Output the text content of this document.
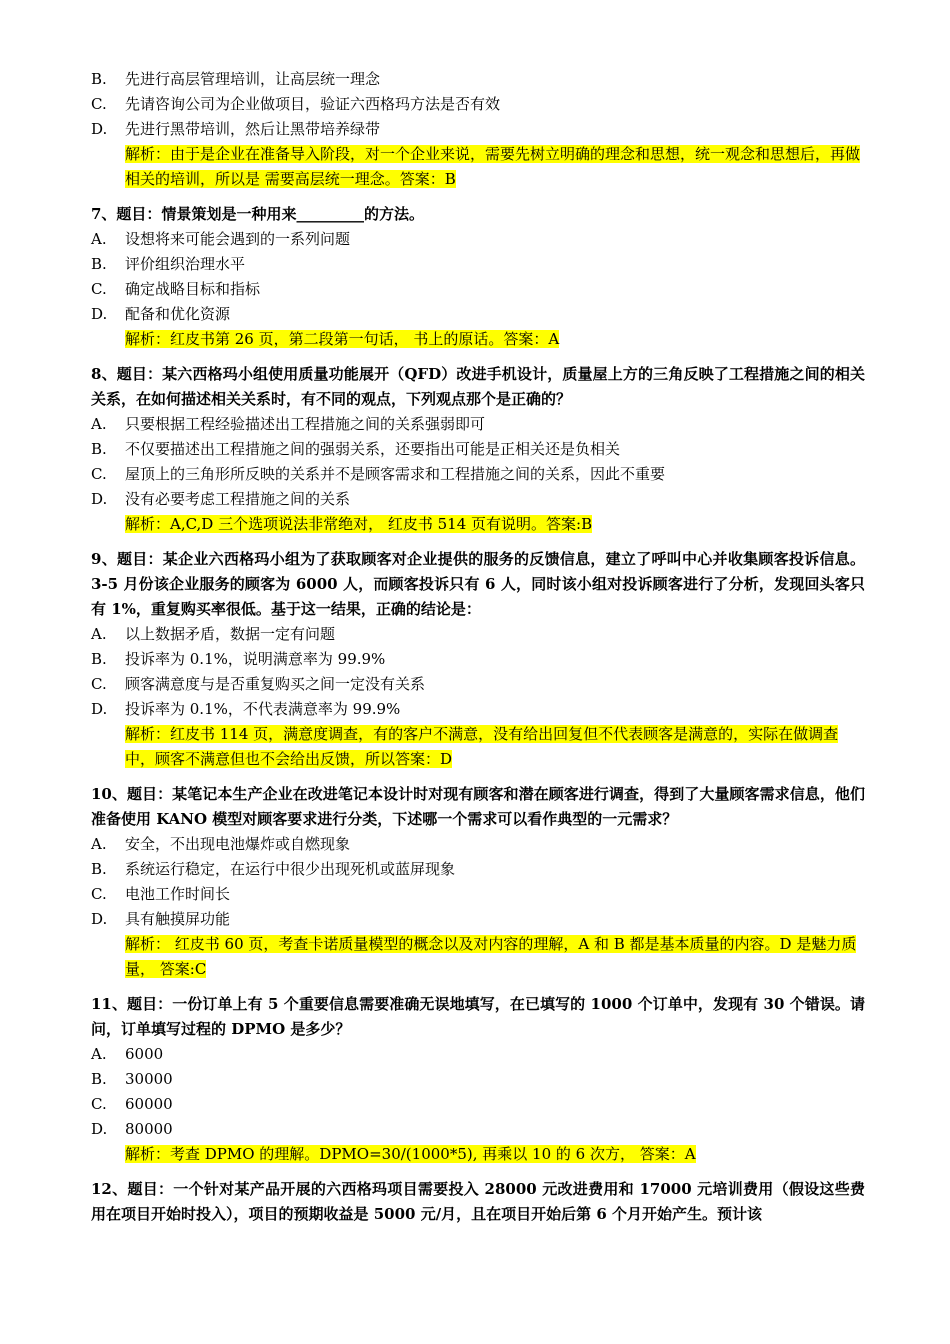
B. 先进行高层管理培训，让高层统一理念
C. 先请咨询公司为企业做项目，验证六西格玛方法是否有效
D. 先进行黑带培训，然后让黑带培养绿带
解析：由于是企业在准备导入阶段，对一个企业来说，需要先树立明确的理念和思想，统一观念和思想后，再做相关的培训，所以是 需要高层统一理念。答案：B
7、题目：情景策划是一种用来_________的方法。
A. 设想将来可能会遇到的一系列问题
B. 评价组织治理水平
C. 确定战略目标和指标
D. 配备和优化资源
解析：红皮书第 26 页，第二段第一句话， 书上的原话。答案：A
8、题目：某六西格玛小组使用质量功能展开（QFD）改进手机设计，质量屋上方的三角反映了工程措施之间的相关关系，在如何描述相关关系时，有不同的观点，下列观点那个是正确的？
A. 只要根据工程经验描述出工程措施之间的关系强弱即可
B. 不仅要描述出工程措施之间的强弱关系，还要指出可能是正相关还是负相关
C. 屋顶上的三角形所反映的关系并不是顾客需求和工程措施之间的关系，因此不重要
D. 没有必要考虑工程措施之间的关系
解析：A,C,D 三个选项说法非常绝对， 红皮书 514 页有说明。答案:B
9、题目：某企业六西格玛小组为了获取顾客对企业提供的服务的反馈信息，建立了呼叫中心并收集顾客投诉信息。3-5 月份该企业服务的顾客为 6000 人，而顾客投诉只有 6 人，同时该小组对投诉顾客进行了分析，发现回头客只有 1%，重复购买率很低。基于这一结果，正确的结论是：
A. 以上数据矛盾，数据一定有问题
B. 投诉率为 0.1%，说明满意率为 99.9%
C. 顾客满意度与是否重复购买之间一定没有关系
D. 投诉率为 0.1%，不代表满意率为 99.9%
解析：红皮书 114 页，满意度调查，有的客户不满意，没有给出回复但不代表顾客是满意的，实际在做调查中，顾客不满意但也不会给出反馈，所以答案：D
10、题目：某笔记本生产企业在改进笔记本设计时对现有顾客和潜在顾客进行调查，得到了大量顾客需求信息，他们准备使用 KANO 模型对顾客要求进行分类，下述哪一个需求可以看作典型的一元需求？
A. 安全，不出现电池爆炸或自燃现象
B. 系统运行稳定，在运行中很少出现死机或蓝屏现象
C. 电池工作时间长
D. 具有触摸屏功能
解析： 红皮书 60 页，考查卡诺质量模型的概念以及对内容的理解，A 和 B 都是基本质量的内容。D 是魅力质量， 答案:C
11、题目：一份订单上有 5 个重要信息需要准确无误地填写，在已填写的 1000 个订单中，发现有 30 个错误。请问，订单填写过程的 DPMO 是多少？
A. 6000
B. 30000
C. 60000
D. 80000
解析：考查 DPMO 的理解。DPMO=30/(1000*5), 再乘以 10 的 6 次方， 答案：A
12、题目：一个针对某产品开展的六西格玛项目需要投入 28000 元改进费用和 17000 元培训费用（假设这些费用在项目开始时投入），项目的预期收益是 5000 元/月，且在项目开始后第 6 个月开始产生。预计该
